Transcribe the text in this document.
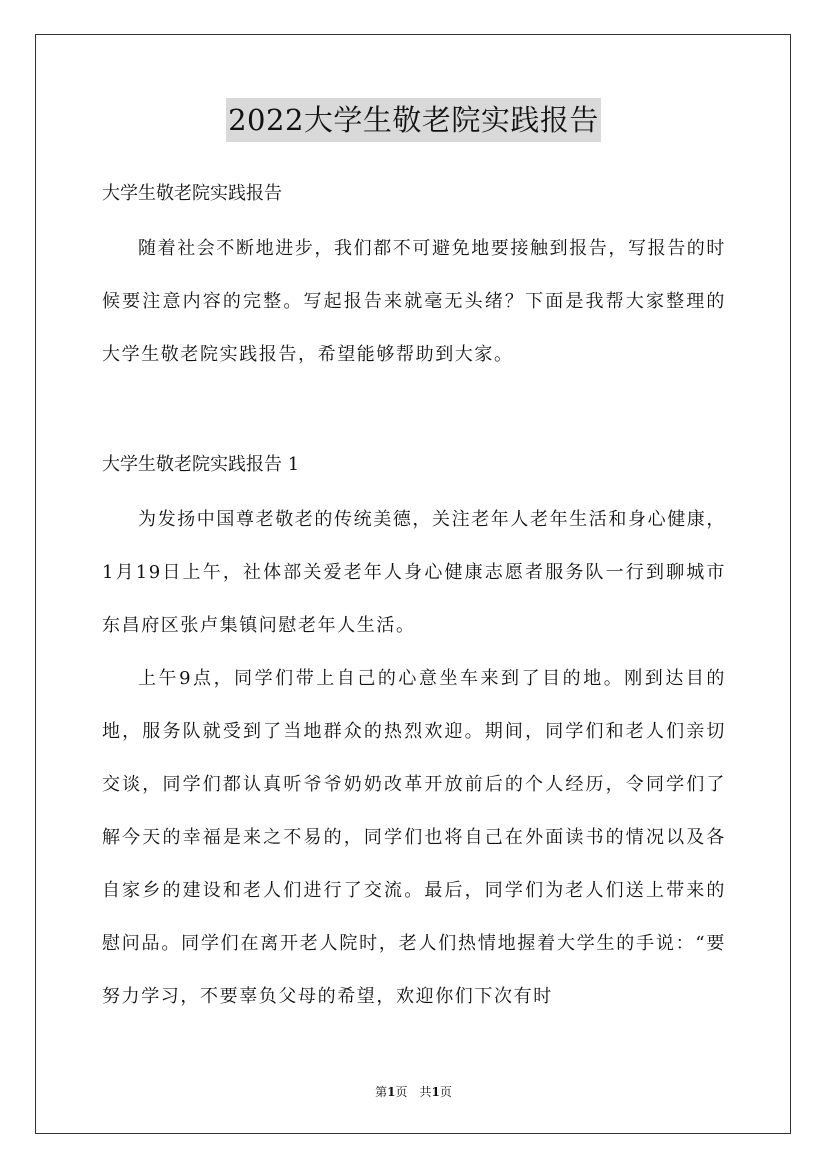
2022大学生敬老院实践报告

大学生敬老院实践报告

随着社会不断地进步，我们都不可避免地要接触到报告，写报告的时候要注意内容的完整。写起报告来就毫无头绪？下面是我帮大家整理的大学生敬老院实践报告，希望能够帮助到大家。

大学生敬老院实践报告 1

为发扬中国尊老敬老的传统美德，关注老年人老年生活和身心健康，1月19日上午，社体部关爱老年人身心健康志愿者服务队一行到聊城市东昌府区张卢集镇问慰老年人生活。

上午9点，同学们带上自己的心意坐车来到了目的地。刚到达目的地，服务队就受到了当地群众的热烈欢迎。期间，同学们和老人们亲切交谈，同学们都认真听爷爷奶奶改革开放前后的个人经历，令同学们了解今天的幸福是来之不易的，同学们也将自己在外面读书的情况以及各自家乡的建设和老人们进行了交流。最后，同学们为老人们送上带来的慰问品。同学们在离开老人院时，老人们热情地握着大学生的手说：“要努力学习，不要辜负父母的希望，欢迎你们下次有时

第1页　共1页
